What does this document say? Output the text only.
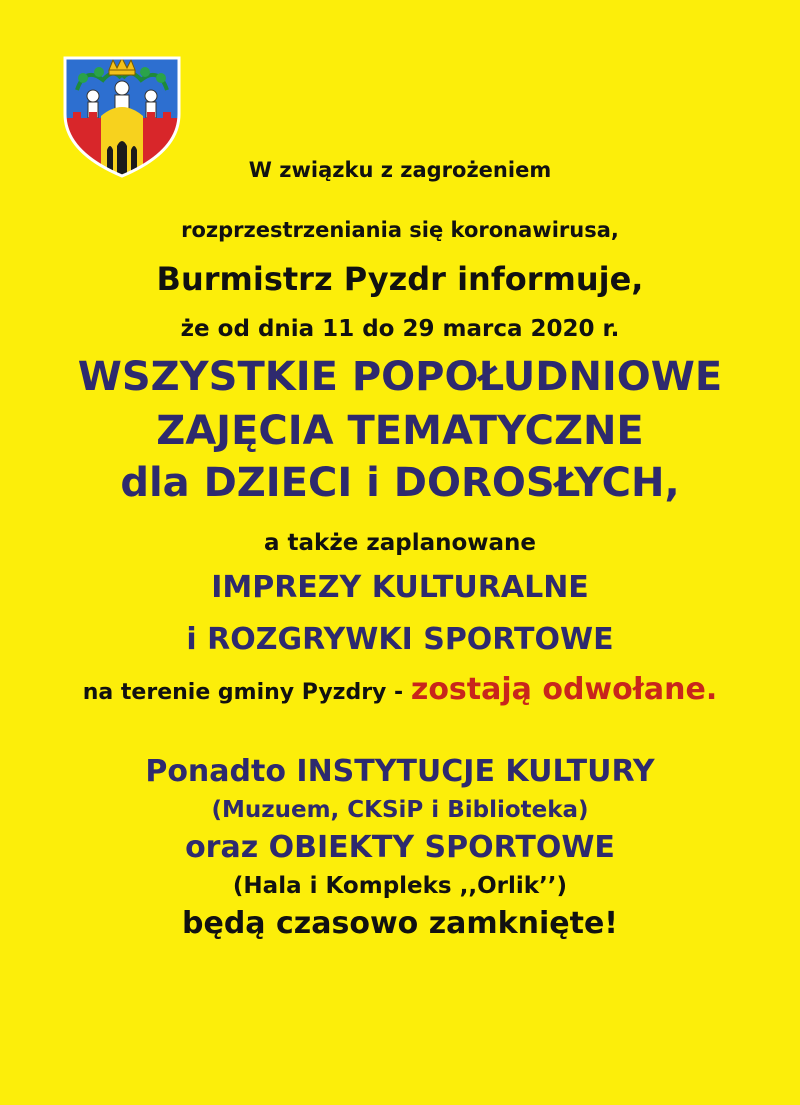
W związku z zagrożeniem
rozprzestrzeniania się koronawirusa,
Burmistrz Pyzdr informuje,
że od dnia 11 do 29 marca 2020 r.
WSZYSTKIE POPOŁUDNIOWE
ZAJĘCIA TEMATYCZNE
dla DZIECI i DOROSŁYCH,
a także zaplanowane
IMPREZY KULTURALNE
i ROZGRYWKI SPORTOWE
na terenie gminy Pyzdry - zostają odwołane.
Ponadto INSTYTUCJE KULTURY
(Muzuem, CKSiP i Biblioteka)
oraz OBIEKTY SPORTOWE
(Hala i Kompleks ,,Orlik’’)
będą czasowo zamknięte!
